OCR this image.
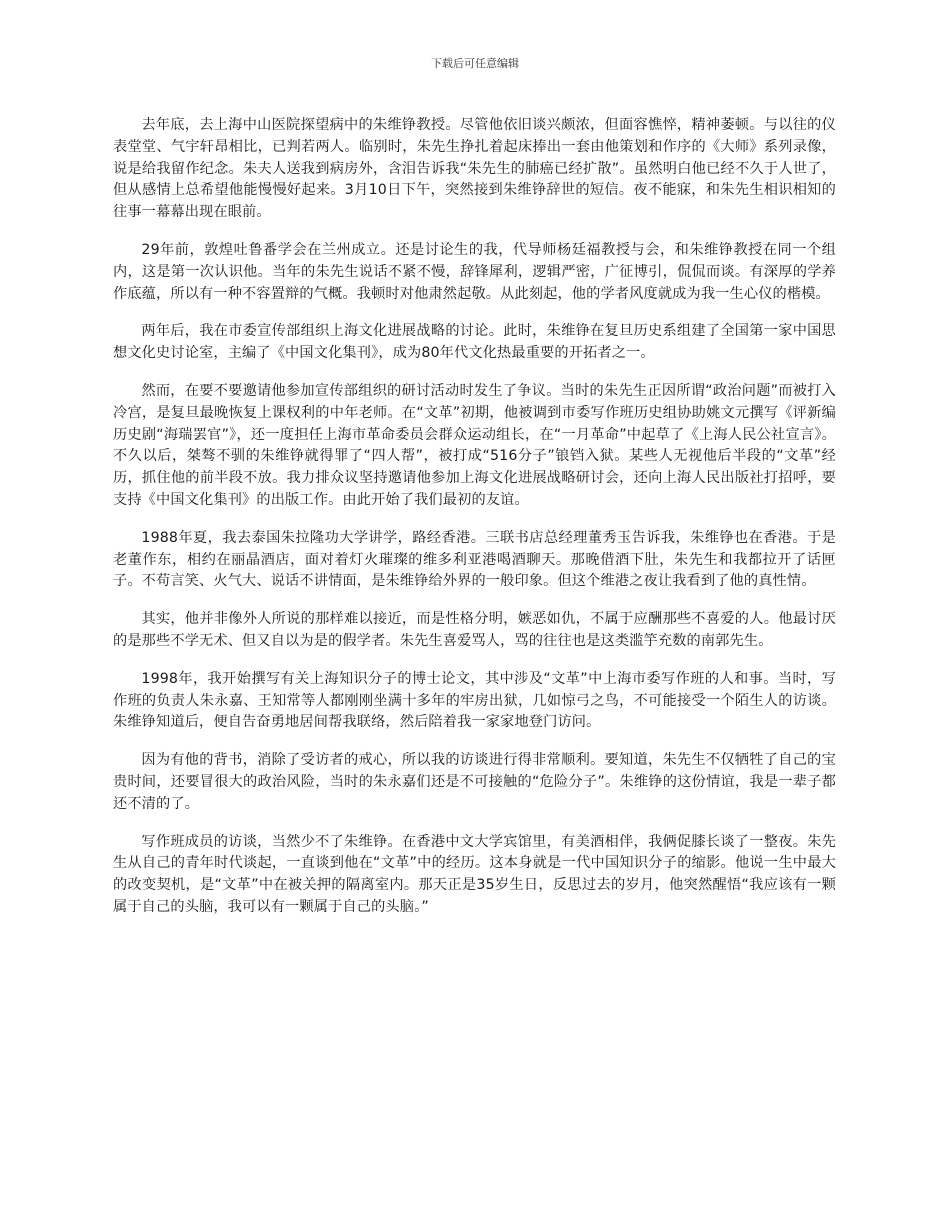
下载后可任意编辑

去年底，去上海中山医院探望病中的朱维铮教授。尽管他依旧谈兴颇浓，但面容憔悴，精神萎顿。与以往的仪表堂堂、气宇轩昂相比，已判若两人。临别时，朱先生挣扎着起床捧出一套由他策划和作序的《大师》系列录像，说是给我留作纪念。朱夫人送我到病房外，含泪告诉我“朱先生的肺癌已经扩散”。虽然明白他已经不久于人世了，但从感情上总希望他能慢慢好起来。3月10日下午，突然接到朱维铮辞世的短信。夜不能寐，和朱先生相识相知的往事一幕幕出现在眼前。

29年前，敦煌吐鲁番学会在兰州成立。还是讨论生的我，代导师杨廷福教授与会，和朱维铮教授在同一个组内，这是第一次认识他。当年的朱先生说话不紧不慢，辞锋犀利，逻辑严密，广征博引，侃侃而谈。有深厚的学养作底蕴，所以有一种不容置辩的气概。我顿时对他肃然起敬。从此刻起，他的学者风度就成为我一生心仪的楷模。

两年后，我在市委宣传部组织上海文化进展战略的讨论。此时，朱维铮在复旦历史系组建了全国第一家中国思想文化史讨论室，主编了《中国文化集刊》，成为80年代文化热最重要的开拓者之一。

然而，在要不要邀请他参加宣传部组织的研讨活动时发生了争议。当时的朱先生正因所谓“政治问题”而被打入冷宫，是复旦最晚恢复上课权利的中年老师。在“文革”初期，他被调到市委写作班历史组协助姚文元撰写《评新编历史剧“海瑞罢官”》，还一度担任上海市革命委员会群众运动组长，在“一月革命”中起草了《上海人民公社宣言》。不久以后，桀骜不驯的朱维铮就得罪了“四人帮”，被打成“516分子”锒铛入狱。某些人无视他后半段的“文革”经历，抓住他的前半段不放。我力排众议坚持邀请他参加上海文化进展战略研讨会，还向上海人民出版社打招呼，要支持《中国文化集刊》的出版工作。由此开始了我们最初的友谊。

1988年夏，我去泰国朱拉隆功大学讲学，路经香港。三联书店总经理董秀玉告诉我，朱维铮也在香港。于是老董作东，相约在丽晶酒店，面对着灯火璀璨的维多利亚港喝酒聊天。那晚借酒下肚，朱先生和我都拉开了话匣子。不苟言笑、火气大、说话不讲情面，是朱维铮给外界的一般印象。但这个维港之夜让我看到了他的真性情。

其实，他并非像外人所说的那样难以接近，而是性格分明，嫉恶如仇，不属于应酬那些不喜爱的人。他最讨厌的是那些不学无术、但又自以为是的假学者。朱先生喜爱骂人，骂的往往也是这类滥竽充数的南郭先生。

1998年，我开始撰写有关上海知识分子的博士论文，其中涉及“文革”中上海市委写作班的人和事。当时，写作班的负责人朱永嘉、王知常等人都刚刚坐满十多年的牢房出狱，几如惊弓之鸟，不可能接受一个陌生人的访谈。朱维铮知道后，便自告奋勇地居间帮我联络，然后陪着我一家家地登门访问。

因为有他的背书，消除了受访者的戒心，所以我的访谈进行得非常顺利。要知道，朱先生不仅牺牲了自己的宝贵时间，还要冒很大的政治风险，当时的朱永嘉们还是不可接触的“危险分子”。朱维铮的这份情谊，我是一辈子都还不清的了。

写作班成员的访谈，当然少不了朱维铮。在香港中文大学宾馆里，有美酒相伴，我俩促膝长谈了一整夜。朱先生从自己的青年时代谈起，一直谈到他在“文革”中的经历。这本身就是一代中国知识分子的缩影。他说一生中最大的改变契机，是“文革”中在被关押的隔离室内。那天正是35岁生日，反思过去的岁月，他突然醒悟“我应该有一颗属于自己的头脑，我可以有一颗属于自己的头脑。”
